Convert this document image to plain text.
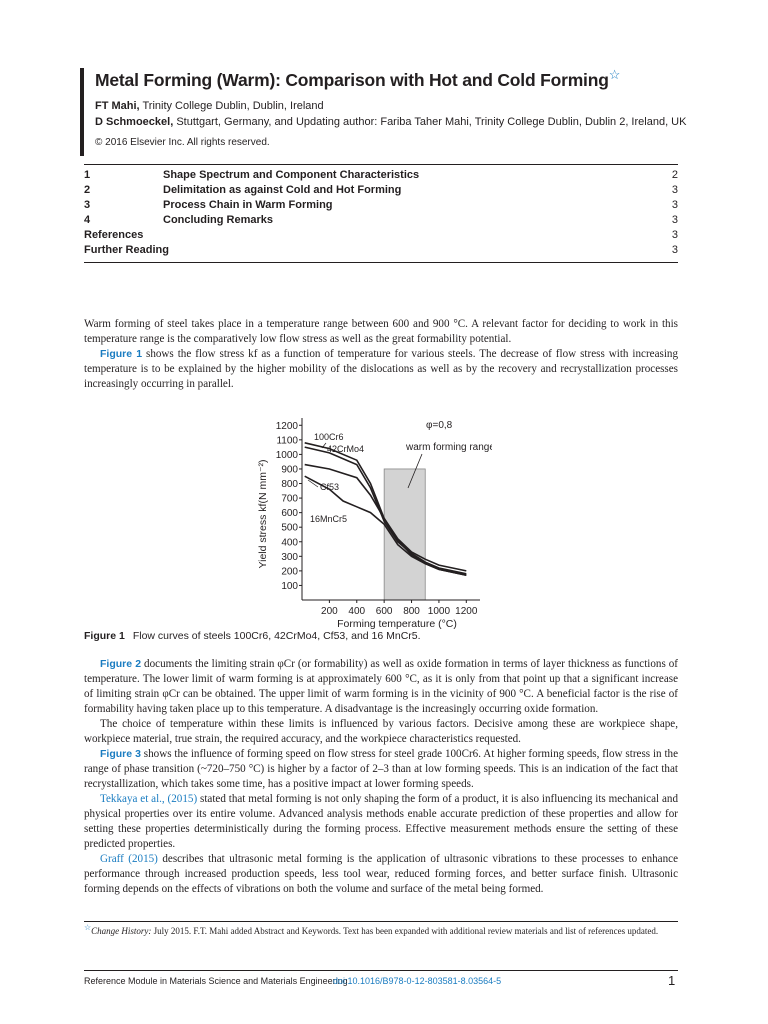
Metal Forming (Warm): Comparison with Hot and Cold Forming☆
FT Mahi, Trinity College Dublin, Dublin, Ireland
D Schmoeckel, Stuttgart, Germany, and Updating author: Fariba Taher Mahi, Trinity College Dublin, Dublin 2, Ireland, UK
© 2016 Elsevier Inc. All rights reserved.
1	Shape Spectrum and Component Characteristics	2
2	Delimitation as against Cold and Hot Forming	3
3	Process Chain in Warm Forming	3
4	Concluding Remarks	3
References	3
Further Reading	3

Warm forming of steel takes place in a temperature range between 600 and 900 °C. A relevant factor for deciding to work in this temperature range is the comparatively low flow stress as well as the great formability potential.

Figure 1 shows the flow stress kf as a function of temperature for various steels. The decrease of flow stress with increasing temperature is to be explained by the higher mobility of the dislocations as well as by the recovery and recrystallization processes increasingly occurring in parallel.

100
200
300
400
500
600
700
800
900
1000
1100
1200
200 400 600 800 1000 1200
Forming temperature (°C)
Yield stress kf(N mm⁻²)
100Cr6
42CrMo4
Cf53
16MnCr5
φ=0,8
warm forming range
Figure 1 Flow curves of steels 100Cr6, 42CrMo4, Cf53, and 16 MnCr5.

Figure 2 documents the limiting strain φCr (or formability) as well as oxide formation in terms of layer thickness as functions of temperature. The lower limit of warm forming is at approximately 600 °C, as it is only from that point up that a significant increase of limiting strain φCr can be obtained. The upper limit of warm forming is in the vicinity of 900 °C. A beneficial factor is the rise of formability having taken place up to this temperature. A disadvantage is the increasingly occurring oxide formation.

The choice of temperature within these limits is influenced by various factors. Decisive among these are workpiece shape, workpiece material, true strain, the required accuracy, and the workpiece characteristics requested.

Figure 3 shows the influence of forming speed on flow stress for steel grade 100Cr6. At higher forming speeds, flow stress in the range of phase transition (~720–750 °C) is higher by a factor of 2–3 than at low forming speeds. This is an indication of the fact that recrystallization, which takes some time, has a positive impact at lower forming speeds.

Tekkaya et al., (2015) stated that metal forming is not only shaping the form of a product, it is also influencing its mechanical and physical properties over its entire volume. Advanced analysis methods enable accurate prediction of these properties and allow for setting these properties deterministically during the forming process. Effective measurement methods ensure the setting of these predicted properties.

Graff (2015) describes that ultrasonic metal forming is the application of ultrasonic vibrations to these processes to enhance performance through increased production speeds, less tool wear, reduced forming forces, and better surface finish. Ultrasonic forming depends on the effects of vibrations on both the volume and surface of the metal being formed.

☆Change History: July 2015. F.T. Mahi added Abstract and Keywords. Text has been expanded with additional review materials and list of references updated.
Reference Module in Materials Science and Materials Engineering
doi:10.1016/B978-0-12-803581-8.03564-5	1
